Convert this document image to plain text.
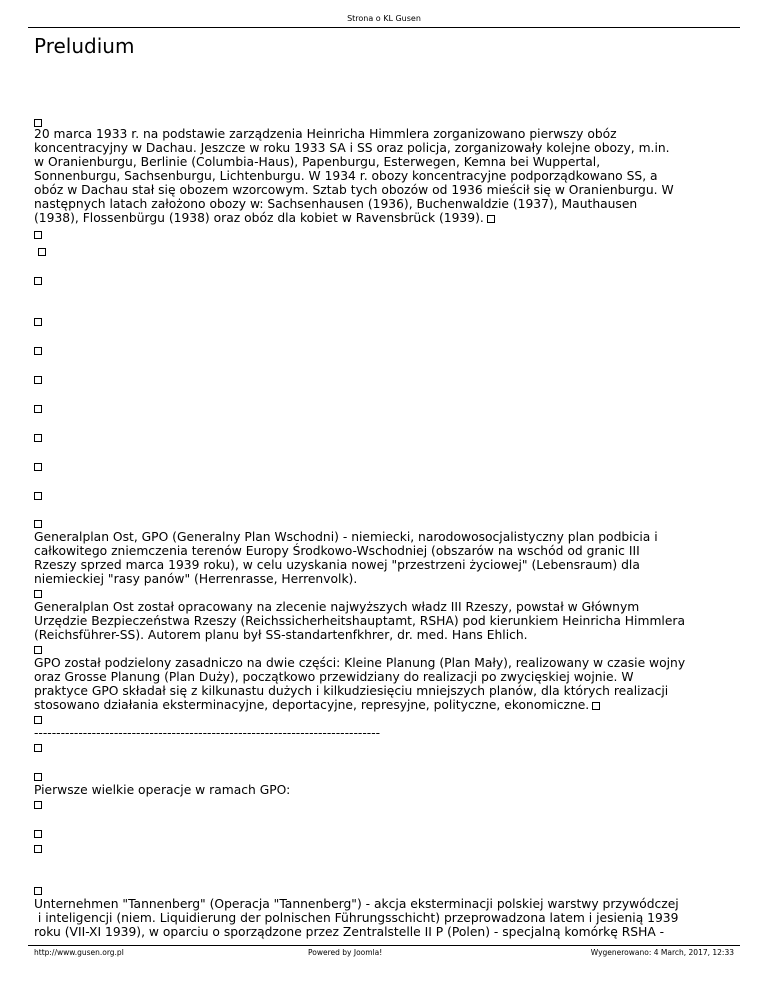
Strona o KL Gusen
Preludium
20 marca 1933 r. na podstawie zarządzenia Heinricha Himmlera zorganizowano pierwszy obóz
koncentracyjny w Dachau. Jeszcze w roku 1933 SA i SS oraz policja, zorganizowały kolejne obozy, m.in.
w Oranienburgu, Berlinie (Columbia-Haus), Papenburgu, Esterwegen, Kemna bei Wuppertal,
Sonnenburgu, Sachsenburgu, Lichtenburgu. W 1934 r. obozy koncentracyjne podporządkowano SS, a
obóz w Dachau stał się obozem wzorcowym. Sztab tych obozów od 1936 mieścił się w Oranienburgu. W
następnych latach założono obozy w: Sachsenhausen (1936), Buchenwaldzie (1937), Mauthausen
(1938), Flossenbürgu (1938) oraz obóz dla kobiet w Ravensbrück (1939).
Generalplan Ost, GPO (Generalny Plan Wschodni) - niemiecki, narodowosocjalistyczny plan podbicia i
całkowitego zniemczenia terenów Europy Środkowo-Wschodniej (obszarów na wschód od granic III
Rzeszy sprzed marca 1939 roku), w celu uzyskania nowej "przestrzeni życiowej" (Lebensraum) dla
niemieckiej "rasy panów" (Herrenrasse, Herrenvolk).
Generalplan Ost został opracowany na zlecenie najwyższych władz III Rzeszy, powstał w Głównym
Urzędzie Bezpieczeństwa Rzeszy (Reichssicherheitshauptamt, RSHA) pod kierunkiem Heinricha Himmlera
(Reichsführer-SS). Autorem planu był SS-standartenfkhrer, dr. med. Hans Ehlich.
GPO został podzielony zasadniczo na dwie części: Kleine Planung (Plan Mały), realizowany w czasie wojny
oraz Grosse Planung (Plan Duży), początkowo przewidziany do realizacji po zwycięskiej wojnie. W
praktyce GPO składał się z kilkunastu dużych i kilkudziesięciu mniejszych planów, dla których realizacji
stosowano działania eksterminacyjne, deportacyjne, represyjne, polityczne, ekonomiczne.
------------------------------------------------------------------------------
Pierwsze wielkie operacje w ramach GPO:
Unternehmen "Tannenberg" (Operacja "Tannenberg") - akcja eksterminacji polskiej warstwy przywódczej
i inteligencji (niem. Liquidierung der polnischen Führungsschicht) przeprowadzona latem i jesienią 1939
roku (VII-XI 1939), w oparciu o sporządzone przez Zentralstelle II P (Polen) - specjalną komórkę RSHA -
http://www.gusen.org.pl	Powered by Joomla!	Wygenerowano: 4 March, 2017, 12:33
